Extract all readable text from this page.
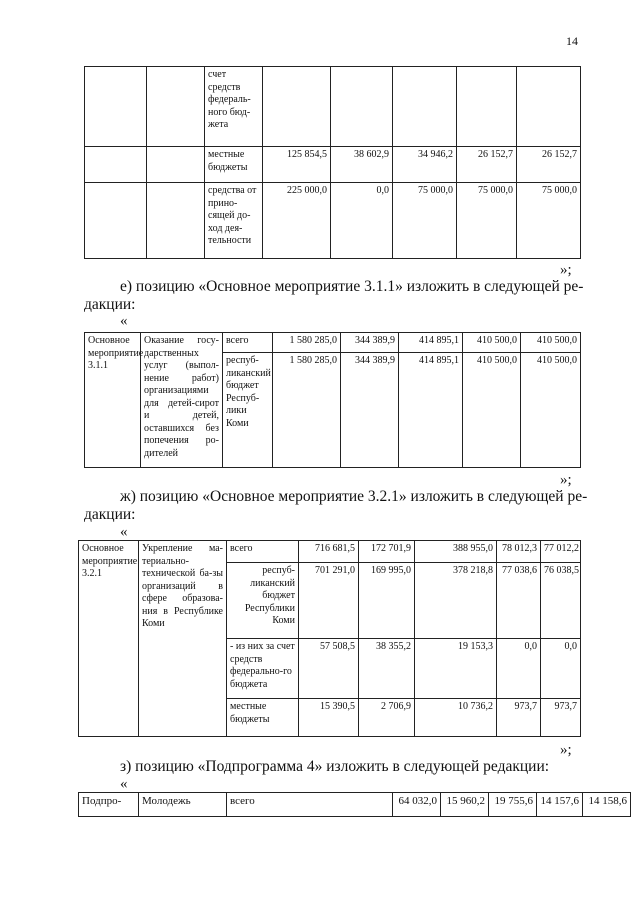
14
		счет средств федераль-ного бюд-жета					
		местные бюджеты	125 854,5	38 602,9	34 946,2	26 152,7	26 152,7
		средства от прино-сящей до-ход дея-тельности	225 000,0	0,0	75 000,0	75 000,0	75 000,0
»;
е) позицию «Основное мероприятие 3.1.1» изложить в следующей ре-
дакции:
«
Основное мероприятие 3.1.1	Оказание госу-дарственных услуг (выпол-нение работ) организациями для детей-сирот и детей, оставшихся без попечения ро-дителей	всего	1 580 285,0	344 389,9	414 895,1	410 500,0	410 500,0
		респуб-ликанский бюджет Респуб-лики Коми	1 580 285,0	344 389,9	414 895,1	410 500,0	410 500,0
»;
ж) позицию «Основное мероприятие 3.2.1» изложить в следующей ре-
дакции:
«
Основное мероприятие 3.2.1	Укрепление ма-териально-технической ба-зы организаций в сфере образова-ния в Республике Коми	всего	716 681,5	172 701,9	388 955,0	78 012,3	77 012,2
		респуб-ликанский бюджет Республики Коми	701 291,0	169 995,0	378 218,8	77 038,6	76 038,5
		- из них за счет средств федерально-го бюджета	57 508,5	38 355,2	19 153,3	0,0	0,0
		местные бюджеты	15 390,5	2 706,9	10 736,2	973,7	973,7
»;
з) позицию «Подпрограмма 4» изложить в следующей редакции:
«
Подпро-	Молодежь	всего	64 032,0	15 960,2	19 755,6	14 157,6	14 158,6
